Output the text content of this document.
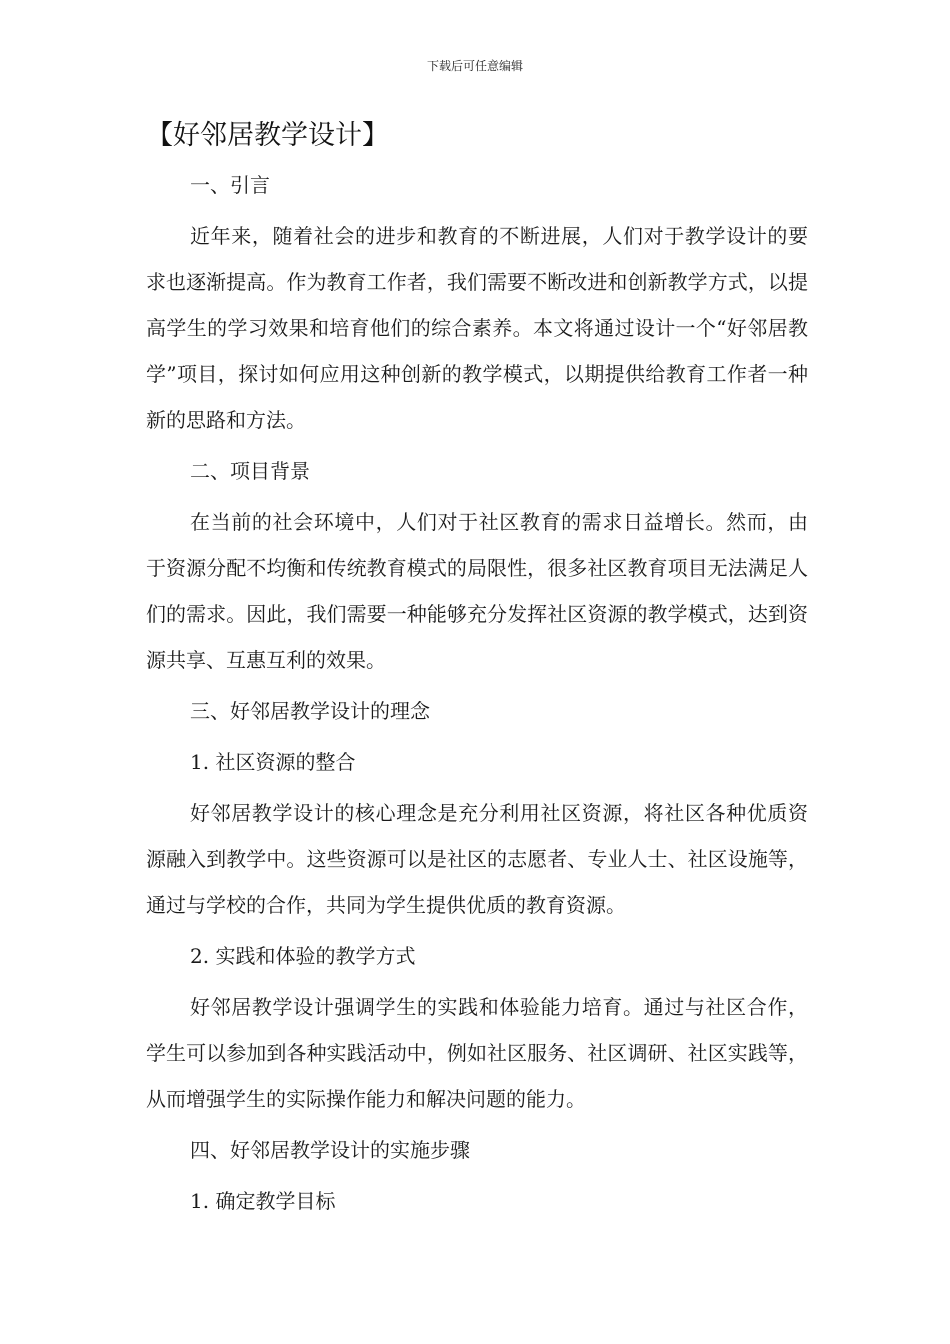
下载后可任意编辑
【好邻居教学设计】
一、引言
近年来，随着社会的进步和教育的不断进展，人们对于教学设计的要求也逐渐提高。作为教育工作者，我们需要不断改进和创新教学方式，以提高学生的学习效果和培育他们的综合素养。本文将通过设计一个“好邻居教学”项目，探讨如何应用这种创新的教学模式，以期提供给教育工作者一种新的思路和方法。
二、项目背景
在当前的社会环境中，人们对于社区教育的需求日益增长。然而，由于资源分配不均衡和传统教育模式的局限性，很多社区教育项目无法满足人们的需求。因此，我们需要一种能够充分发挥社区资源的教学模式，达到资源共享、互惠互利的效果。
三、好邻居教学设计的理念
1. 社区资源的整合
好邻居教学设计的核心理念是充分利用社区资源，将社区各种优质资源融入到教学中。这些资源可以是社区的志愿者、专业人士、社区设施等，通过与学校的合作，共同为学生提供优质的教育资源。
2. 实践和体验的教学方式
好邻居教学设计强调学生的实践和体验能力培育。通过与社区合作，学生可以参加到各种实践活动中，例如社区服务、社区调研、社区实践等，从而增强学生的实际操作能力和解决问题的能力。
四、好邻居教学设计的实施步骤
1. 确定教学目标
